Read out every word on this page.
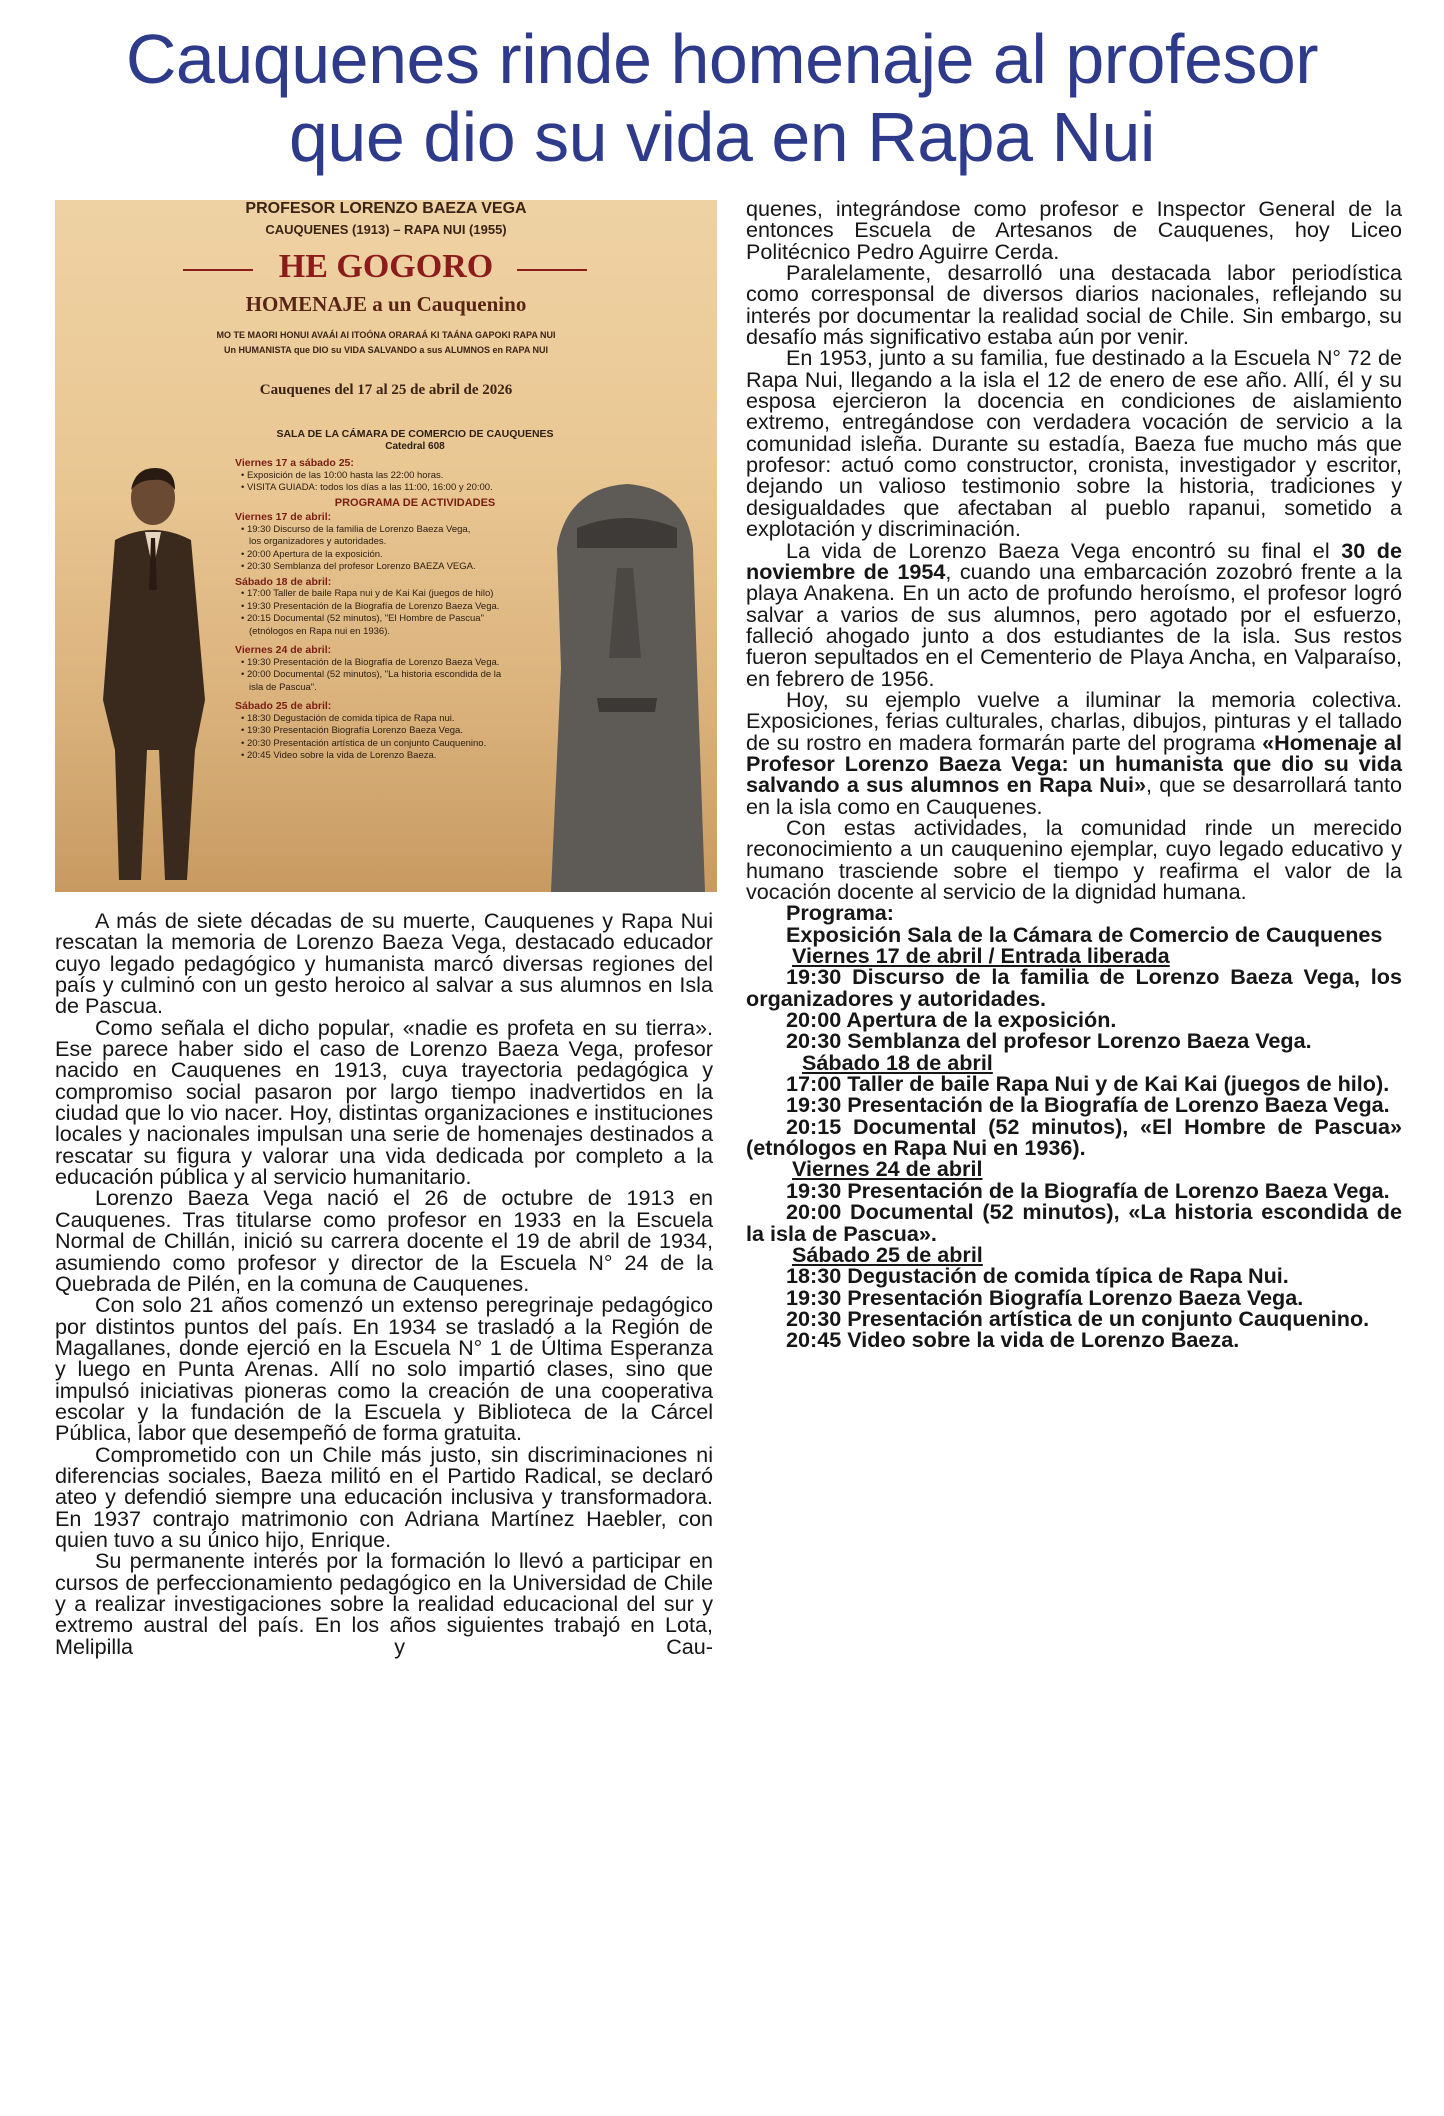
Cauquenes rinde homenaje al profesor
que dio su vida en Rapa Nui
PROFESOR LORENZO BAEZA VEGA
CAUQUENES (1913) – RAPA NUI (1955)
HE GOGORO
HOMENAJE a un Cauquenino
MO TE MAORI HONUI AVAÁI AI ITOÓNA ORARAÁ KI TAÁNA GAPOKI RAPA NUI
Un HUMANISTA que DIO su VIDA SALVANDO a sus ALUMNOS en RAPA NUI
Cauquenes del 17 al 25 de abril de 2026
SALA DE LA CÁMARA DE COMERCIO DE CAUQUENES
Catedral 608
Viernes 17 a sábado 25:
• Exposición de las 10:00 hasta las 22:00 horas.
• VISITA GUIADA: todos los días a las 11:00, 16:00 y 20:00.
PROGRAMA DE ACTIVIDADES
Viernes 17 de abril:
• 19:30 Discurso de la familia de Lorenzo Baeza Vega,
los organizadores y autoridades.
• 20:00 Apertura de la exposición.
• 20:30 Semblanza del profesor Lorenzo BAEZA VEGA.
Sábado 18 de abril:
• 17:00 Taller de baile Rapa nui y de Kai Kai (juegos de hilo)
• 19:30 Presentación de la Biografía de Lorenzo Baeza Vega.
• 20:15 Documental (52 minutos), "El Hombre de Pascua"
(etnólogos en Rapa nui en 1936).
Viernes 24 de abril:
• 19:30 Presentación de la Biografía de Lorenzo Baeza Vega.
• 20:00 Documental (52 minutos), "La historia escondida de la
isla de Pascua".
Sábado 25 de abril:
• 18:30 Degustación de comida típica de Rapa nui.
• 19:30 Presentación Biografía Lorenzo Baeza Vega.
• 20:30 Presentación artística de un conjunto Cauquenino.
• 20:45 Video sobre la vida de Lorenzo Baeza.

A más de siete décadas de su muerte, Cauquenes y Rapa Nui rescatan la memoria de Lorenzo Baeza Vega, destacado educador cuyo legado pedagógico y humanista marcó diversas regiones del país y culminó con un gesto heroico al salvar a sus alumnos en Isla de Pascua.

Como señala el dicho popular, «nadie es profeta en su tierra». Ese parece haber sido el caso de Lorenzo Baeza Vega, profesor nacido en Cauquenes en 1913, cuya trayectoria pedagógica y compromiso social pasaron por largo tiempo inadvertidos en la ciudad que lo vio nacer. Hoy, distintas organizaciones e instituciones locales y nacionales impulsan una serie de homenajes destinados a rescatar su figura y valorar una vida dedicada por completo a la educación pública y al servicio humanitario.

Lorenzo Baeza Vega nació el 26 de octubre de 1913 en Cauquenes. Tras titularse como profesor en 1933 en la Escuela Normal de Chillán, inició su carrera docente el 19 de abril de 1934, asumiendo como profesor y director de la Escuela N° 24 de la Quebrada de Pilén, en la comuna de Cauquenes.

Con solo 21 años comenzó un extenso peregrinaje pedagógico por distintos puntos del país. En 1934 se trasladó a la Región de Magallanes, donde ejerció en la Escuela N° 1 de Última Esperanza y luego en Punta Arenas. Allí no solo impartió clases, sino que impulsó iniciativas pioneras como la creación de una cooperativa escolar y la fundación de la Escuela y Biblioteca de la Cárcel Pública, labor que desempeñó de forma gratuita.

Comprometido con un Chile más justo, sin discriminaciones ni diferencias sociales, Baeza militó en el Partido Radical, se declaró ateo y defendió siempre una educación inclusiva y transformadora. En 1937 contrajo matrimonio con Adriana Martínez Haebler, con quien tuvo a su único hijo, Enrique.

Su permanente interés por la formación lo llevó a participar en cursos de perfeccionamiento pedagógico en la Universidad de Chile y a realizar investigaciones sobre la realidad educacional del sur y extremo austral del país. En los años siguientes trabajó en Lota, Melipilla y Cau-

quenes, integrándose como profesor e Inspector General de la entonces Escuela de Artesanos de Cauquenes, hoy Liceo Politécnico Pedro Aguirre Cerda.

Paralelamente, desarrolló una destacada labor periodística como corresponsal de diversos diarios nacionales, reflejando su interés por documentar la realidad social de Chile. Sin embargo, su desafío más significativo estaba aún por venir.

En 1953, junto a su familia, fue destinado a la Escuela N° 72 de Rapa Nui, llegando a la isla el 12 de enero de ese año. Allí, él y su esposa ejercieron la docencia en condiciones de aislamiento extremo, entregándose con verdadera vocación de servicio a la comunidad isleña. Durante su estadía, Baeza fue mucho más que profesor: actuó como constructor, cronista, investigador y escritor, dejando un valioso testimonio sobre la historia, tradiciones y desigualdades que afectaban al pueblo rapanui, sometido a explotación y discriminación.

La vida de Lorenzo Baeza Vega encontró su final el 30 de noviembre de 1954, cuando una embarcación zozobró frente a la playa Anakena. En un acto de profundo heroísmo, el profesor logró salvar a varios de sus alumnos, pero agotado por el esfuerzo, falleció ahogado junto a dos estudiantes de la isla. Sus restos fueron sepultados en el Cementerio de Playa Ancha, en Valparaíso, en febrero de 1956.

Hoy, su ejemplo vuelve a iluminar la memoria colectiva. Exposiciones, ferias culturales, charlas, dibujos, pinturas y el tallado de su rostro en madera formarán parte del programa «Homenaje al Profesor Lorenzo Baeza Vega: un humanista que dio su vida salvando a sus alumnos en Rapa Nui», que se desarrollará tanto en la isla como en Cauquenes.

Con estas actividades, la comunidad rinde un merecido reconocimiento a un cauquenino ejemplar, cuyo legado educativo y humano trasciende sobre el tiempo y reafirma el valor de la vocación docente al servicio de la dignidad humana.

Programa:
Exposición Sala de la Cámara de Comercio de Cauquenes
Viernes 17 de abril / Entrada liberada
19:30 Discurso de la familia de Lorenzo Baeza Vega, los organizadores y autoridades.
20:00 Apertura de la exposición.
20:30 Semblanza del profesor Lorenzo Baeza Vega.
Sábado 18 de abril
17:00 Taller de baile Rapa Nui y de Kai Kai (juegos de hilo).
19:30 Presentación de la Biografía de Lorenzo Baeza Vega.
20:15 Documental (52 minutos), «El Hombre de Pascua» (etnólogos en Rapa Nui en 1936).
Viernes 24 de abril
19:30 Presentación de la Biografía de Lorenzo Baeza Vega.
20:00 Documental (52 minutos), «La historia escondida de la isla de Pascua».
Sábado 25 de abril
18:30 Degustación de comida típica de Rapa Nui.
19:30 Presentación Biografía Lorenzo Baeza Vega.
20:30 Presentación artística de un conjunto Cauquenino.
20:45 Video sobre la vida de Lorenzo Baeza.
